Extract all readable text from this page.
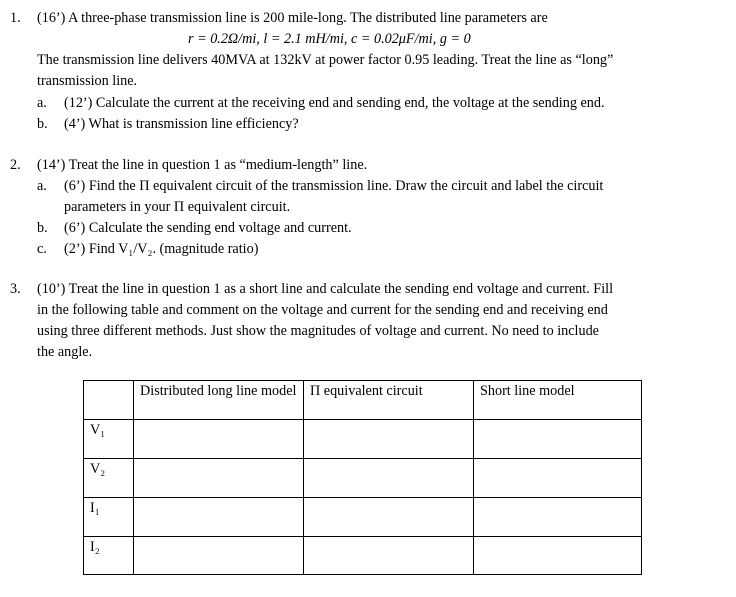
1. (16’) A three-phase transmission line is 200 mile-long. The distributed line parameters are
r = 0.2Ω/mi, l = 2.1 mH/mi, c = 0.02μF/mi, g = 0
The transmission line delivers 40MVA at 132kV at power factor 0.95 leading. Treat the line as “long”
transmission line.
a. (12’) Calculate the current at the receiving end and sending end, the voltage at the sending end.
b. (4’) What is transmission line efficiency?
2. (14’) Treat the line in question 1 as “medium-length” line.
a. (6’) Find the Π equivalent circuit of the transmission line. Draw the circuit and label the circuit
parameters in your Π equivalent circuit.
b. (6’) Calculate the sending end voltage and current.
c. (2’) Find V₁/V₂. (magnitude ratio)
3. (10’) Treat the line in question 1 as a short line and calculate the sending end voltage and current. Fill
in the following table and comment on the voltage and current for the sending end and receiving end
using three different methods. Just show the magnitudes of voltage and current. No need to include
the angle.
	Distributed long line model	Π equivalent circuit	Short line model
V₁			
V₂			
I₁			
I₂			
